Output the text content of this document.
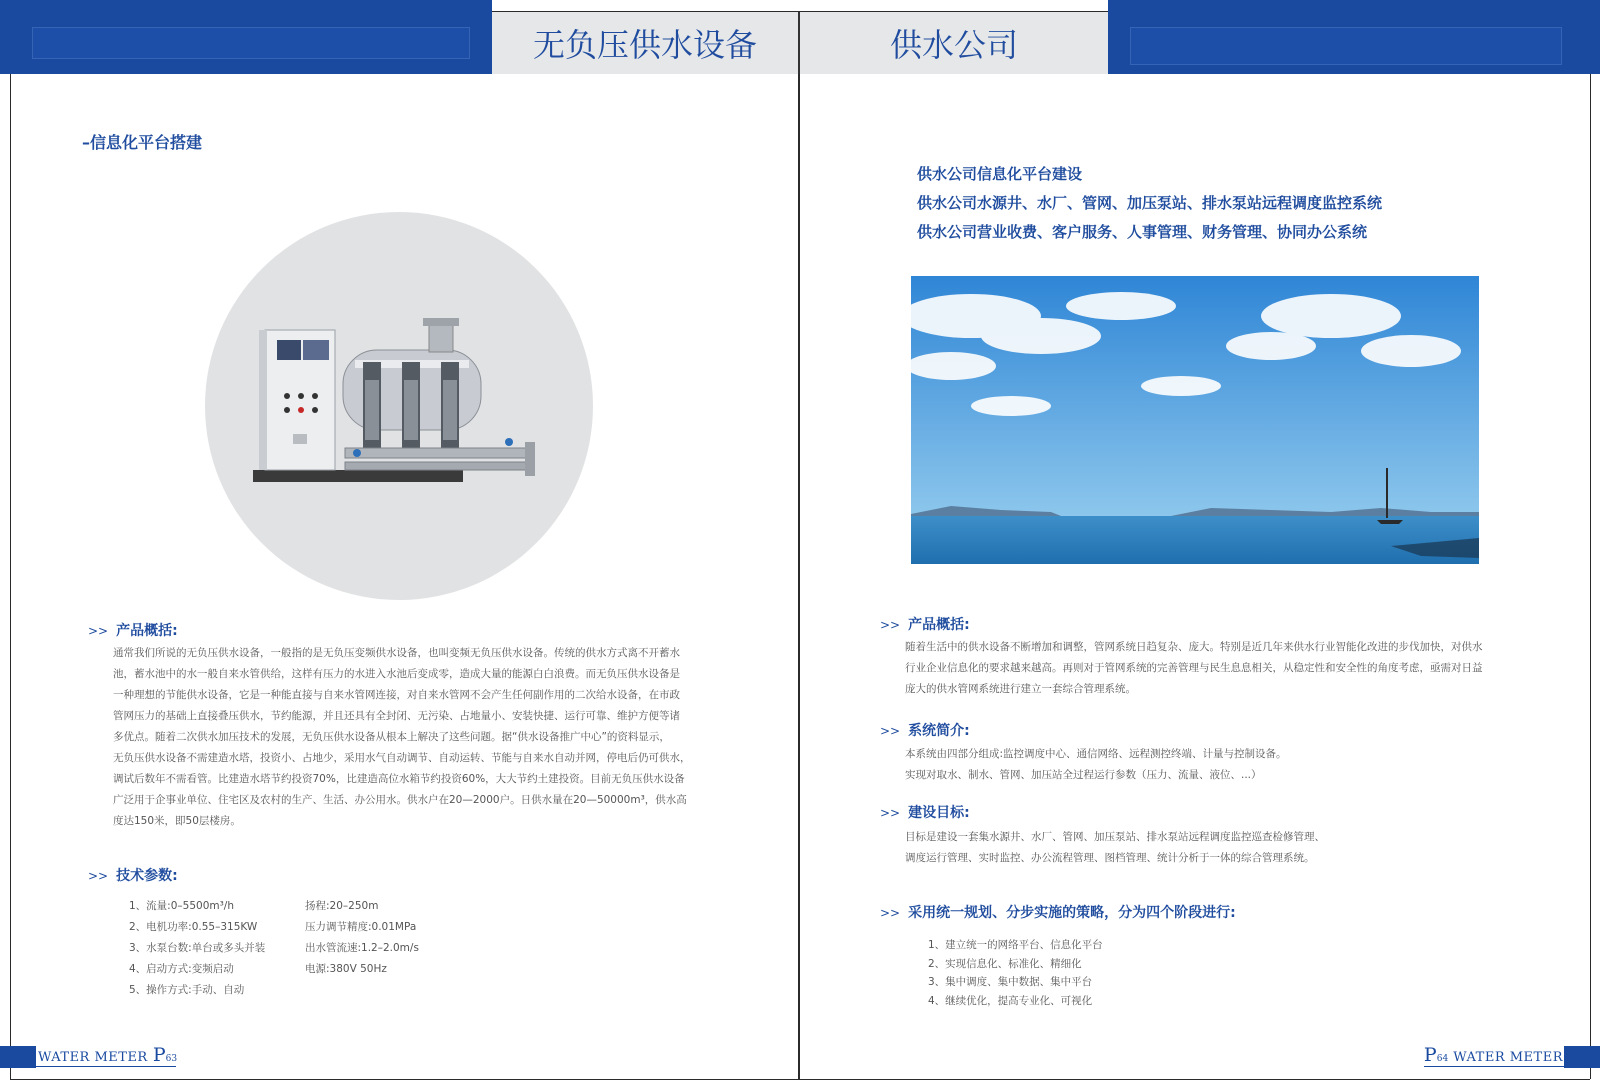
无负压供水设备	供水公司
–信息化平台搭建
>> 产品概括:
通常我们所说的无负压供水设备，一般指的是无负压变频供水设备，也叫变频无负压供水设备。传统的供水方式离不开蓄水
池，蓄水池中的水一般自来水管供给，这样有压力的水进入水池后变成零，造成大量的能源白白浪费。而无负压供水设备是
一种理想的节能供水设备，它是一种能直接与自来水管网连接，对自来水管网不会产生任何副作用的二次给水设备，在市政
管网压力的基础上直接叠压供水，节约能源，并且还具有全封闭、无污染、占地量小、安装快捷、运行可靠、维护方便等诸
多优点。随着二次供水加压技术的发展，无负压供水设备从根本上解决了这些问题。据“供水设备推广中心”的资料显示，
无负压供水设备不需建造水塔，投资小、占地少，采用水气自动调节、自动运转、节能与自来水自动并网，停电后仍可供水，
调试后数年不需看管。比建造水塔节约投资70%，比建造高位水箱节约投资60%，大大节约土建投资。目前无负压供水设备
广泛用于企事业单位、住宅区及农村的生产、生活、办公用水。供水户在20—2000户。日供水量在20—50000m³，供水高
度达150米，即50层楼房。
>> 技术参数:
1、流量:0–5500m³/h	扬程:20–250m
2、电机功率:0.55–315KW	压力调节精度:0.01MPa
3、水泵台数:单台或多头并装	出水管流速:1.2–2.0m/s
4、启动方式:变频启动	电源:380V 50Hz
5、操作方式:手动、自动
WATER METER P63
供水公司信息化平台建设
供水公司水源井、水厂、管网、加压泵站、排水泵站远程调度监控系统
供水公司营业收费、客户服务、人事管理、财务管理、协同办公系统
>> 产品概括:
随着生活中的供水设备不断增加和调整，管网系统日趋复杂、庞大。特别是近几年来供水行业智能化改进的步伐加快，对供水
行业企业信息化的要求越来越高。再则对于管网系统的完善管理与民生息息相关，从稳定性和安全性的角度考虑，亟需对日益
庞大的供水管网系统进行建立一套综合管理系统。
>> 系统简介:
本系统由四部分组成:监控调度中心、通信网络、远程测控终端、计量与控制设备。
实现对取水、制水、管网、加压站全过程运行参数（压力、流量、液位、...）
>> 建设目标:
目标是建设一套集水源井、水厂、管网、加压泵站、排水泵站远程调度监控巡查检修管理、
调度运行管理、实时监控、办公流程管理、图档管理、统计分析于一体的综合管理系统。
>> 采用统一规划、分步实施的策略，分为四个阶段进行:
1、建立统一的网络平台、信息化平台
2、实现信息化、标准化、精细化
3、集中调度、集中数据、集中平台
4、继续优化，提高专业化、可视化
P64 WATER METER
